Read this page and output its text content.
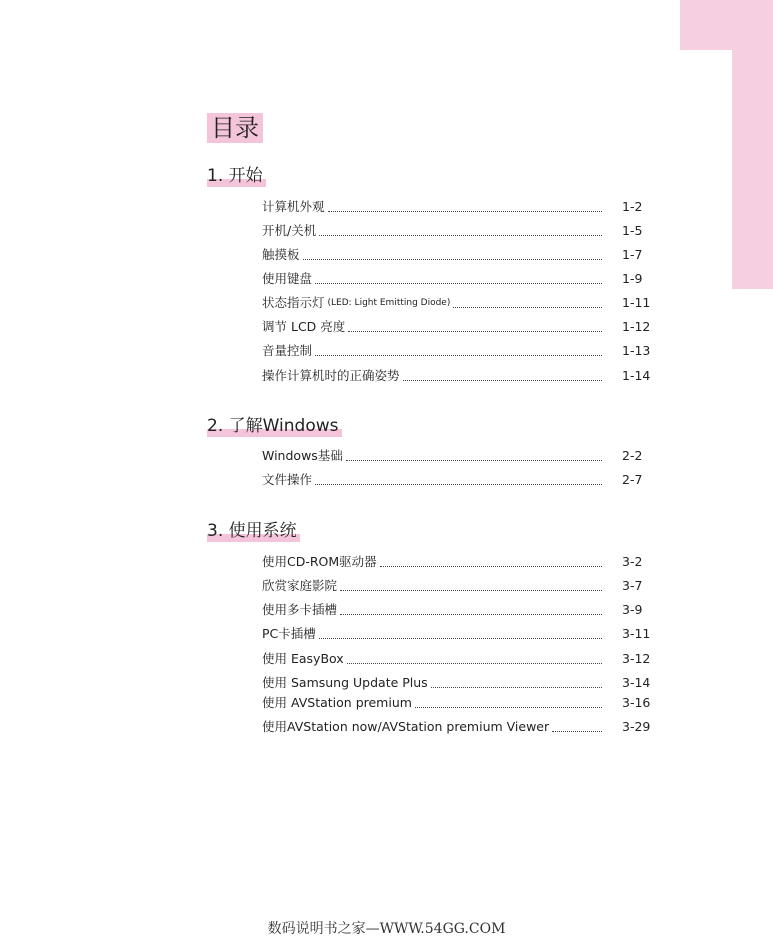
目录
1. 开始
计算机外观	1-2
开机/关机	1-5
触摸板	1-7
使用键盘	1-9
状态指示灯 (LED: Light Emitting Diode)	1-11
调节 LCD 亮度	1-12
音量控制	1-13
操作计算机时的正确姿势	1-14
2. 了解Windows
Windows基础	2-2
文件操作	2-7
3. 使用系统
使用CD-ROM驱动器	3-2
欣赏家庭影院	3-7
使用多卡插槽	3-9
PC卡插槽	3-11
使用 EasyBox	3-12
使用 Samsung Update Plus	3-14
使用 AVStation premium	3-16
使用AVStation now/AVStation premium Viewer	3-29
数码说明书之家—WWW.54GG.COM
